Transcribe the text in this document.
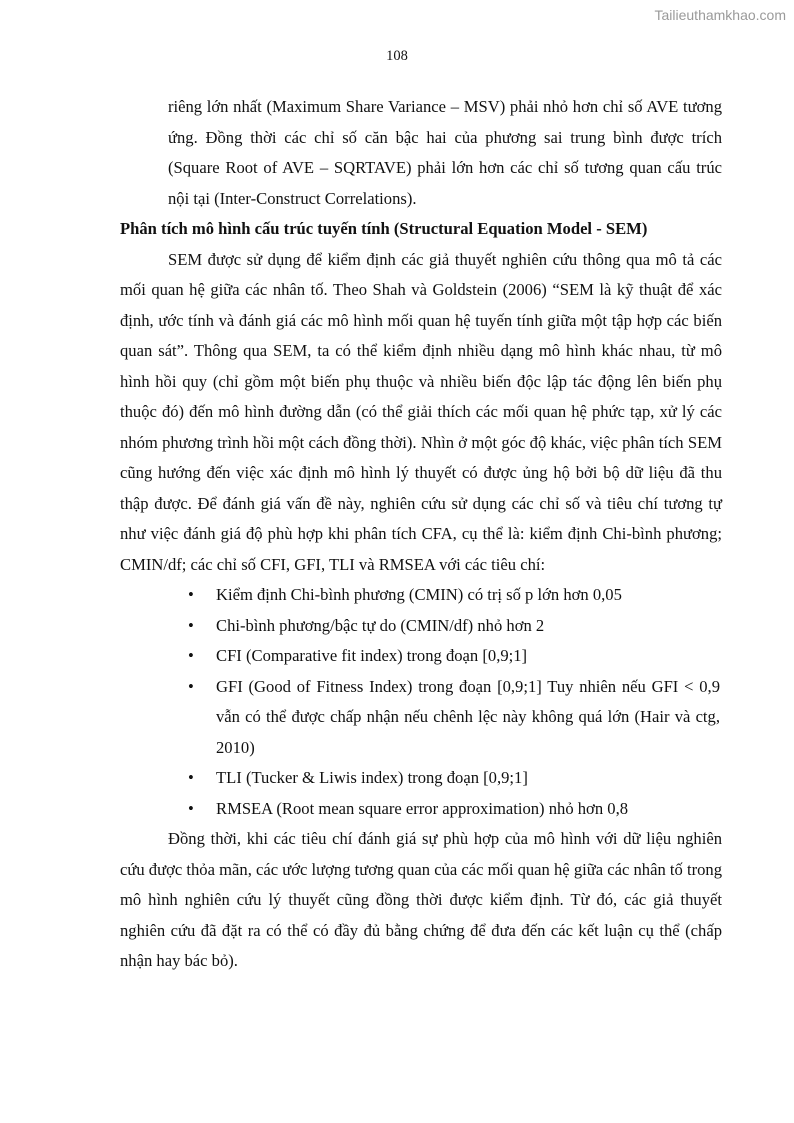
Tailieuthamkhao.com
108

riêng lớn nhất (Maximum Share Variance – MSV) phải nhỏ hơn chỉ số AVE tương ứng. Đồng thời các chỉ số căn bậc hai của phương sai trung bình được trích (Square Root of AVE – SQRTAVE) phải lớn hơn các chỉ số tương quan cấu trúc nội tại (Inter-Construct Correlations).

Phân tích mô hình cấu trúc tuyến tính (Structural Equation Model - SEM)

SEM được sử dụng để kiểm định các giả thuyết nghiên cứu thông qua mô tả các mối quan hệ giữa các nhân tố. Theo Shah và Goldstein (2006) “SEM là kỹ thuật để xác định, ước tính và đánh giá các mô hình mối quan hệ tuyến tính giữa một tập hợp các biến quan sát”. Thông qua SEM, ta có thể kiểm định nhiều dạng mô hình khác nhau, từ mô hình hồi quy (chỉ gồm một biến phụ thuộc và nhiều biến độc lập tác động lên biến phụ thuộc đó) đến mô hình đường dẫn (có thể giải thích các mối quan hệ phức tạp, xử lý các nhóm phương trình hồi một cách đồng thời). Nhìn ở một góc độ khác, việc phân tích SEM cũng hướng đến việc xác định mô hình lý thuyết có được ủng hộ bởi bộ dữ liệu đã thu thập được. Để đánh giá vấn đề này, nghiên cứu sử dụng các chỉ số và tiêu chí tương tự như việc đánh giá độ phù hợp khi phân tích CFA, cụ thể là: kiểm định Chi-bình phương; CMIN/df; các chỉ số CFI, GFI, TLI và RMSEA với các tiêu chí:

• Kiểm định Chi-bình phương (CMIN) có trị số p lớn hơn 0,05
• Chi-bình phương/bậc tự do (CMIN/df) nhỏ hơn 2
• CFI (Comparative fit index) trong đoạn [0,9;1]
• GFI (Good of Fitness Index) trong đoạn [0,9;1] Tuy nhiên nếu GFI < 0,9 vẫn có thể được chấp nhận nếu chênh lệc này không quá lớn (Hair và ctg, 2010)
• TLI (Tucker & Liwis index) trong đoạn [0,9;1]
• RMSEA (Root mean square error approximation) nhỏ hơn 0,8

Đồng thời, khi các tiêu chí đánh giá sự phù hợp của mô hình với dữ liệu nghiên cứu được thỏa mãn, các ước lượng tương quan của các mối quan hệ giữa các nhân tố trong mô hình nghiên cứu lý thuyết cũng đồng thời được kiểm định. Từ đó, các giả thuyết nghiên cứu đã đặt ra có thể có đầy đủ bằng chứng để đưa đến các kết luận cụ thể (chấp nhận hay bác bỏ).
